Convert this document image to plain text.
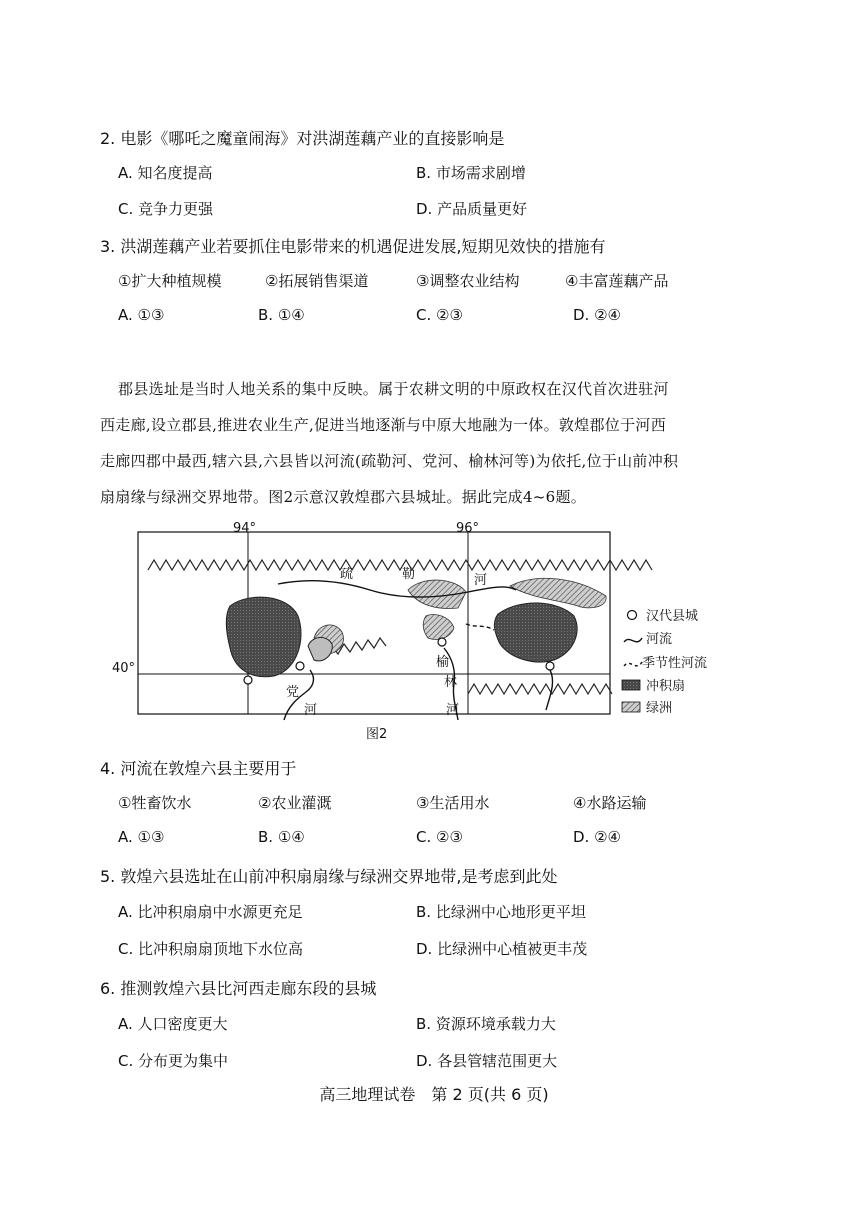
2. 电影《哪吒之魔童闹海》对洪湖莲藕产业的直接影响是
A. 知名度提高	B. 市场需求剧增
C. 竞争力更强	D. 产品质量更好
3. 洪湖莲藕产业若要抓住电影带来的机遇促进发展,短期见效快的措施有
①扩大种植规模	②拓展销售渠道	③调整农业结构	④丰富莲藕产品
A. ①③	B. ①④	C. ②③	D. ②④
郡县选址是当时人地关系的集中反映。属于农耕文明的中原政权在汉代首次进驻河
西走廊,设立郡县,推进农业生产,促进当地逐渐与中原大地融为一体。敦煌郡位于河西
走廊四郡中最西,辖六县,六县皆以河流(疏勒河、党河、榆林河等)为依托,位于山前冲积
扇扇缘与绿洲交界地带。图2示意汉敦煌郡六县城址。据此完成4~6题。
94°	96°
40°
疏	勒	河
党
河
榆
林
河
汉代县城
河流
季节性河流
冲积扇
绿洲
图2
4. 河流在敦煌六县主要用于
①牲畜饮水	②农业灌溉	③生活用水	④水路运输
A. ①③	B. ①④	C. ②③	D. ②④
5. 敦煌六县选址在山前冲积扇扇缘与绿洲交界地带,是考虑到此处
A. 比冲积扇扇中水源更充足	B. 比绿洲中心地形更平坦
C. 比冲积扇扇顶地下水位高	D. 比绿洲中心植被更丰茂
6. 推测敦煌六县比河西走廊东段的县城
A. 人口密度更大	B. 资源环境承载力大
C. 分布更为集中	D. 各县管辖范围更大
高三地理试卷　第 2 页(共 6 页)
